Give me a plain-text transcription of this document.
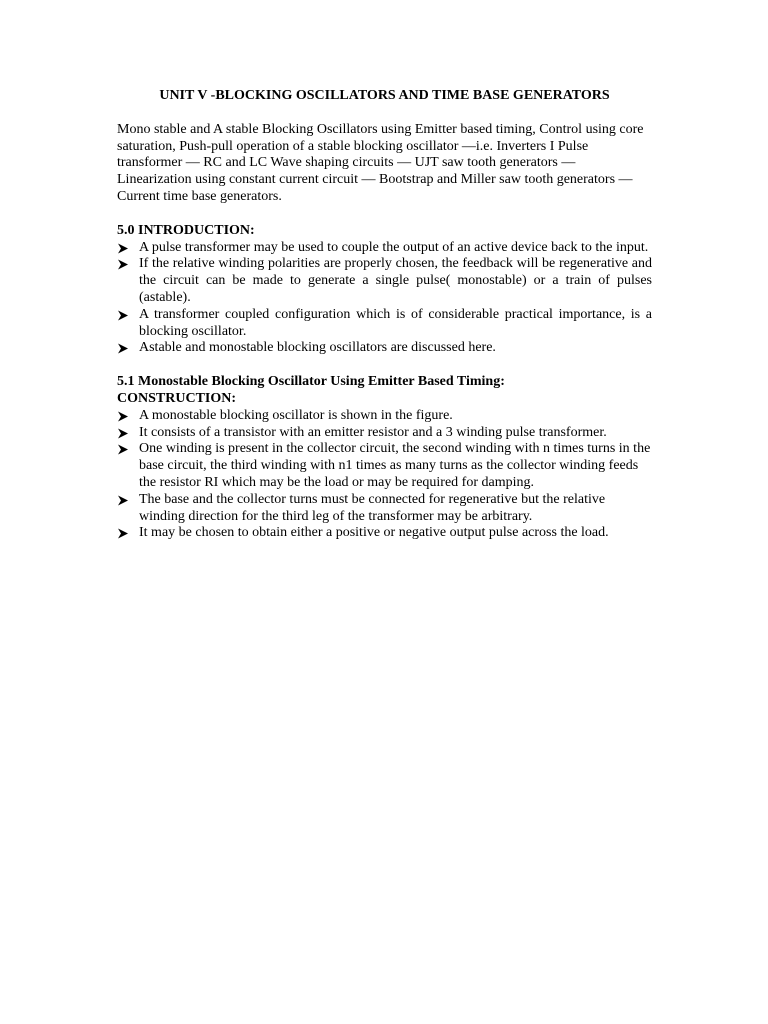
UNIT V -BLOCKING OSCILLATORS AND TIME BASE GENERATORS
Mono stable and A stable Blocking Oscillators using Emitter based timing, Control using core saturation, Push-pull operation of a stable blocking oscillator —i.e. Inverters I Pulse transformer — RC and LC Wave shaping circuits — UJT saw tooth generators — Linearization using constant current circuit — Bootstrap and Miller saw tooth generators — Current time base generators.
5.0 INTRODUCTION:
A pulse transformer may be used to couple the output of an active device back to the input.
If the relative winding polarities are properly chosen, the feedback will be regenerative and the circuit can be made to generate a single pulse( monostable) or a train of pulses (astable).
A transformer coupled configuration which is of considerable practical importance, is a blocking oscillator.
Astable and monostable blocking oscillators are discussed here.
5.1 Monostable Blocking Oscillator Using Emitter Based Timing:
CONSTRUCTION:
A monostable blocking oscillator is shown in the figure.
It consists of a transistor with an emitter resistor and a 3 winding pulse transformer.
One winding is present in the collector circuit, the second winding with n times turns in the base circuit, the third winding with n1 times as many turns as the collector winding feeds the resistor RI which may be the load or may be required for damping.
The base and the collector turns must be connected for regenerative but the relative winding direction for the third leg of the transformer may be arbitrary.
It may be chosen to obtain either a positive or negative output pulse across the load.
